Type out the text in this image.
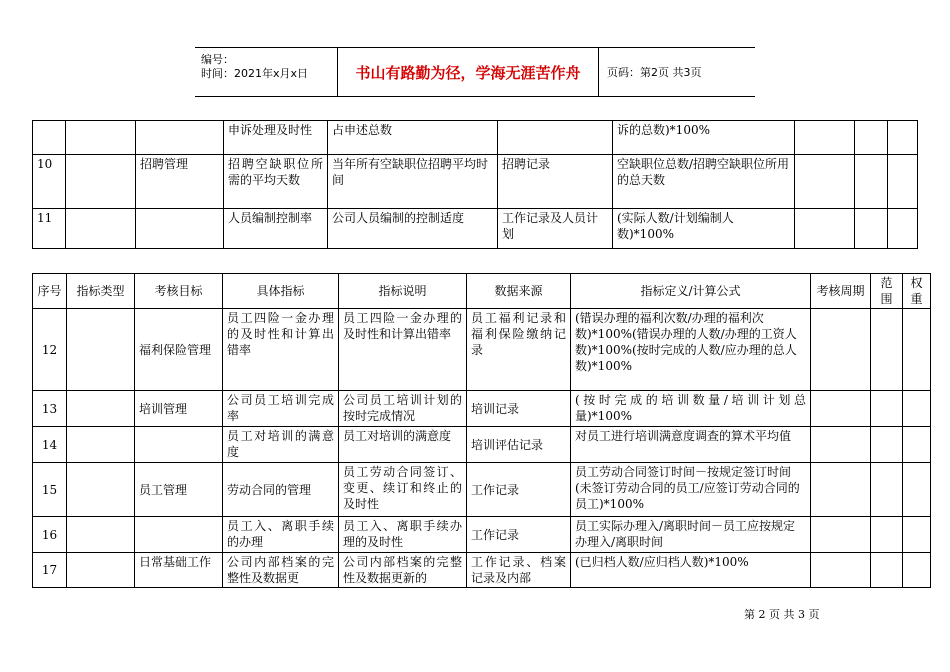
编号：
时间：2021年x月x日	书山有路勤为径，学海无涯苦作舟	页码：第2页 共3页
			申诉处理及时性	占申述总数		诉的总数)*100%			
10		招聘管理	招聘空缺职位所需的平均天数	当年所有空缺职位招聘平均时间	招聘记录	空缺职位总数/招聘空缺职位所用的总天数			
11			人员编制控制率	公司人员编制的控制适度	工作记录及人员计划	(实际人数/计划编制人数)*100%			
序号	指标类型	考核目标	具体指标	指标说明	数据来源	指标定义/计算公式	考核周期	范围	权重
12		福利保险管理	员工四险一金办理的及时性和计算出错率	员工四险一金办理的及时性和计算出错率	员工福利记录和福利保险缴纳记录	(错误办理的福利次数/办理的福利次数)*100%(错误办理的人数/办理的工资人数)*100%(按时完成的人数/应办理的总人数)*100%			
13		培训管理	公司员工培训完成率	公司员工培训计划的按时完成情况	培训记录	(按时完成的培训数量/培训计划总量)*100%			
14			员工对培训的满意度	员工对培训的满意度	培训评估记录	对员工进行培训满意度调查的算术平均值			
15		员工管理	劳动合同的管理	员工劳动合同签订、变更、续订和终止的及时性	工作记录	员工劳动合同签订时间－按规定签订时间(未签订劳动合同的员工/应签订劳动合同的员工)*100%			
16			员工入、离职手续的办理	员工入、离职手续办理的及时性	工作记录	员工实际办理入/离职时间－员工应按规定办理入/离职时间			
17		日常基础工作	公司内部档案的完整性及数据更	公司内部档案的完整性及数据更新的	工作记录、档案记录及内部	(已归档人数/应归档人数)*100%			
第 2 页 共 3 页
